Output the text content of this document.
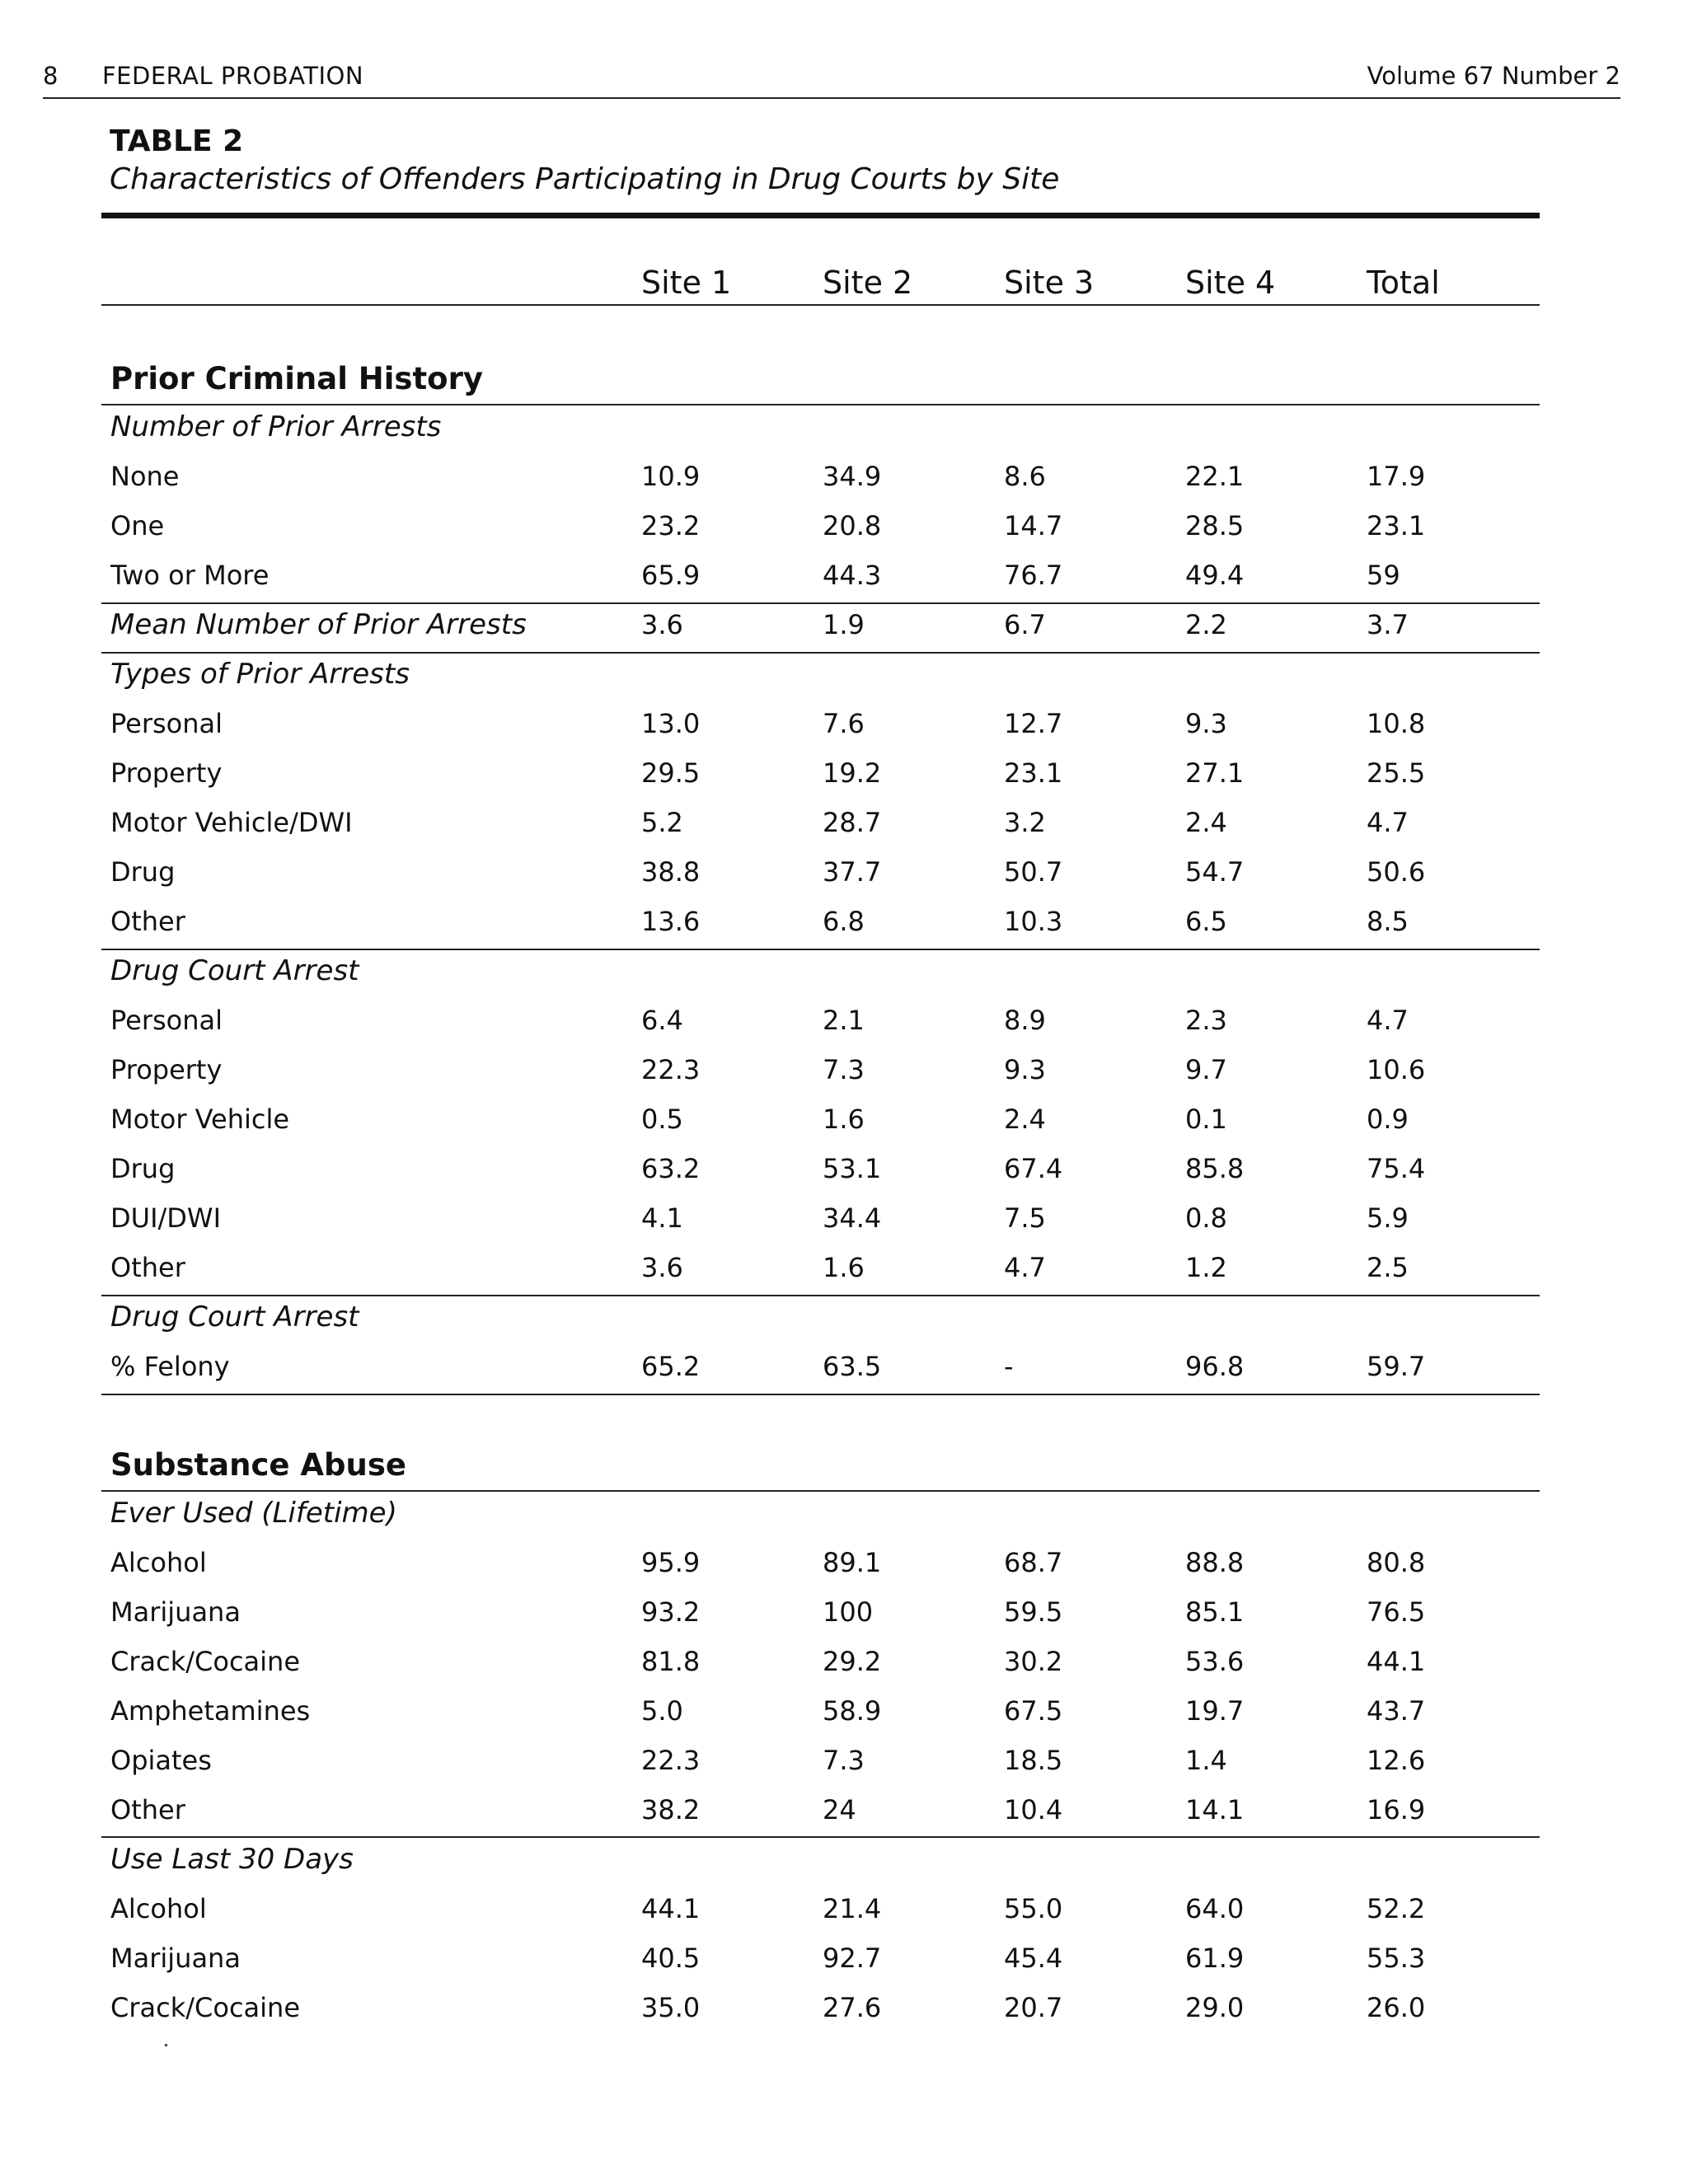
8 FEDERAL PROBATION	Volume 67 Number 2
TABLE 2
Characteristics of Offenders Participating in Drug Courts by Site
Site 1	Site 2	Site 3	Site 4	Total
Prior Criminal History
Number of Prior Arrests
None	10.9	34.9	8.6	22.1	17.9
One	23.2	20.8	14.7	28.5	23.1
Two or More	65.9	44.3	76.7	49.4	59
Mean Number of Prior Arrests	3.6	1.9	6.7	2.2	3.7
Types of Prior Arrests
Personal	13.0	7.6	12.7	9.3	10.8
Property	29.5	19.2	23.1	27.1	25.5
Motor Vehicle/DWI	5.2	28.7	3.2	2.4	4.7
Drug	38.8	37.7	50.7	54.7	50.6
Other	13.6	6.8	10.3	6.5	8.5
Drug Court Arrest
Personal	6.4	2.1	8.9	2.3	4.7
Property	22.3	7.3	9.3	9.7	10.6
Motor Vehicle	0.5	1.6	2.4	0.1	0.9
Drug	63.2	53.1	67.4	85.8	75.4
DUI/DWI	4.1	34.4	7.5	0.8	5.9
Other	3.6	1.6	4.7	1.2	2.5
Drug Court Arrest
% Felony	65.2	63.5	-	96.8	59.7
Substance Abuse
Ever Used (Lifetime)
Alcohol	95.9	89.1	68.7	88.8	80.8
Marijuana	93.2	100	59.5	85.1	76.5
Crack/Cocaine	81.8	29.2	30.2	53.6	44.1
Amphetamines	5.0	58.9	67.5	19.7	43.7
Opiates	22.3	7.3	18.5	1.4	12.6
Other	38.2	24	10.4	14.1	16.9
Use Last 30 Days
Alcohol	44.1	21.4	55.0	64.0	52.2
Marijuana	40.5	92.7	45.4	61.9	55.3
Crack/Cocaine	35.0	27.6	20.7	29.0	26.0
